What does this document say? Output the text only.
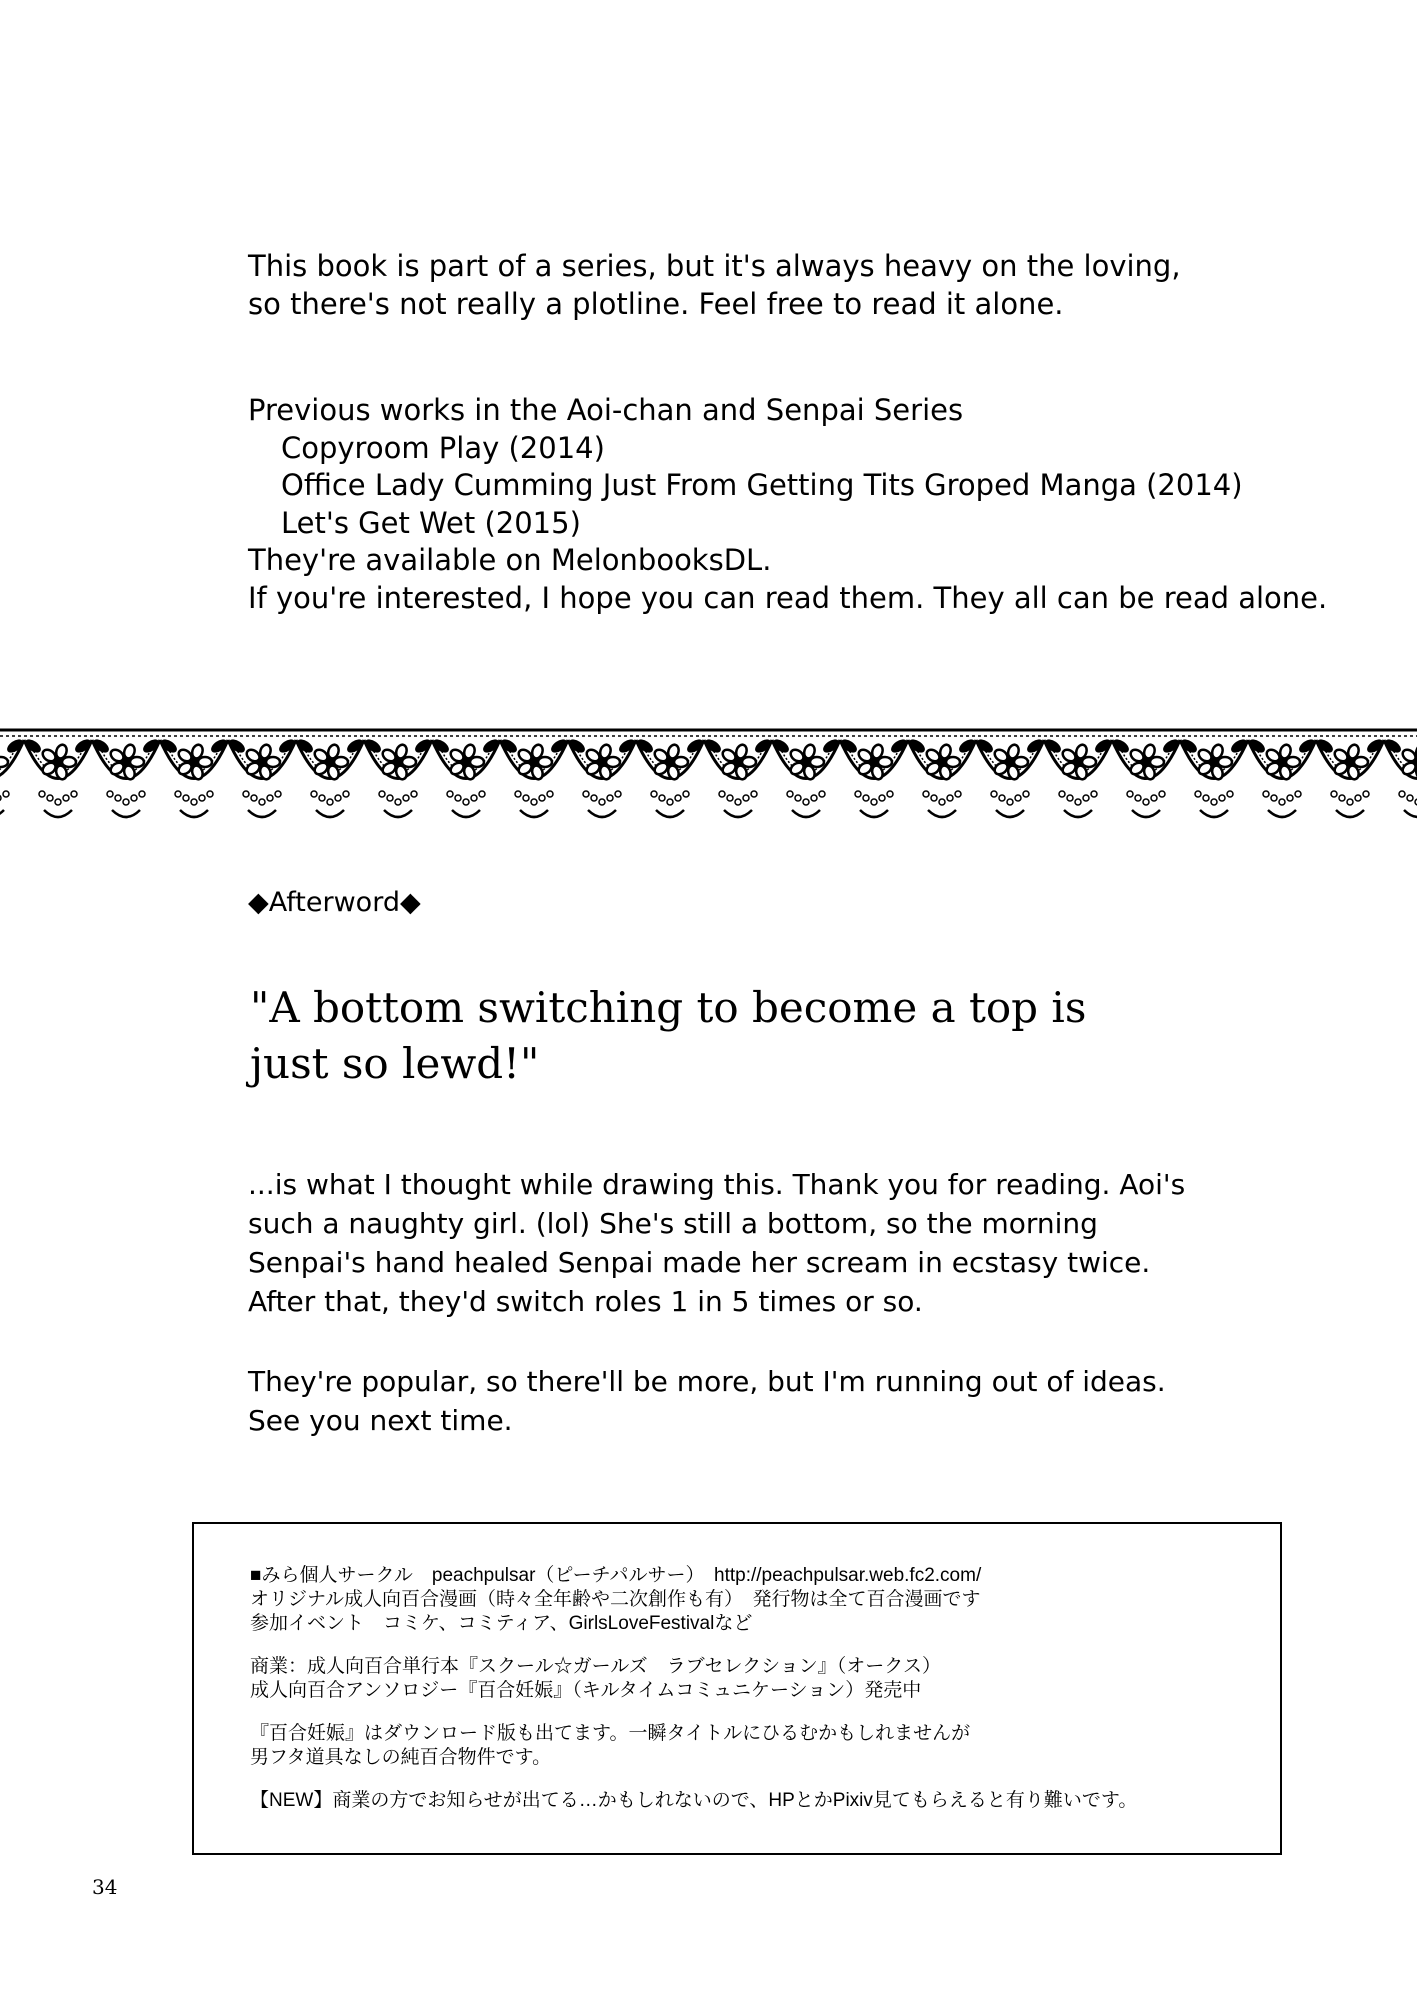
This book is part of a series, but it's always heavy on the loving,

so there's not really a plotline. Feel free to read it alone.

Previous works in the Aoi-chan and Senpai Series

Copyroom Play (2014)

Office Lady Cumming Just From Getting Tits Groped Manga (2014)

Let's Get Wet (2015)

They're available on MelonbooksDL.

If you're interested, I hope you can read them. They all can be read alone.

◆Afterword◆
"A bottom switching to become a top is
just so lewd!"

...is what I thought while drawing this. Thank you for reading. Aoi's

such a naughty girl. (lol) She's still a bottom, so the morning

Senpai's hand healed Senpai made her scream in ecstasy twice.

After that, they'd switch roles 1 in 5 times or so.

They're popular, so there'll be more, but I'm running out of ideas.

See you next time.

■みら個人サークル　peachpulsar（ピーチパルサー）　http://peachpulsar.web.fc2.com/

オリジナル成人向百合漫画（時々全年齢や二次創作も有）　発行物は全て百合漫画です

参加イベント　コミケ、コミティア、GirlsLoveFestivalなど

商業：成人向百合単行本『スクール☆ガールズ　ラブセレクション』（オークス）

成人向百合アンソロジー『百合妊娠』（キルタイムコミュニケーション）発売中

『百合妊娠』はダウンロード版も出てます。一瞬タイトルにひるむかもしれませんが

男フタ道具なしの純百合物件です。

【NEW】商業の方でお知らせが出てる…かもしれないので、HPとかPixiv見てもらえると有り難いです。

34
